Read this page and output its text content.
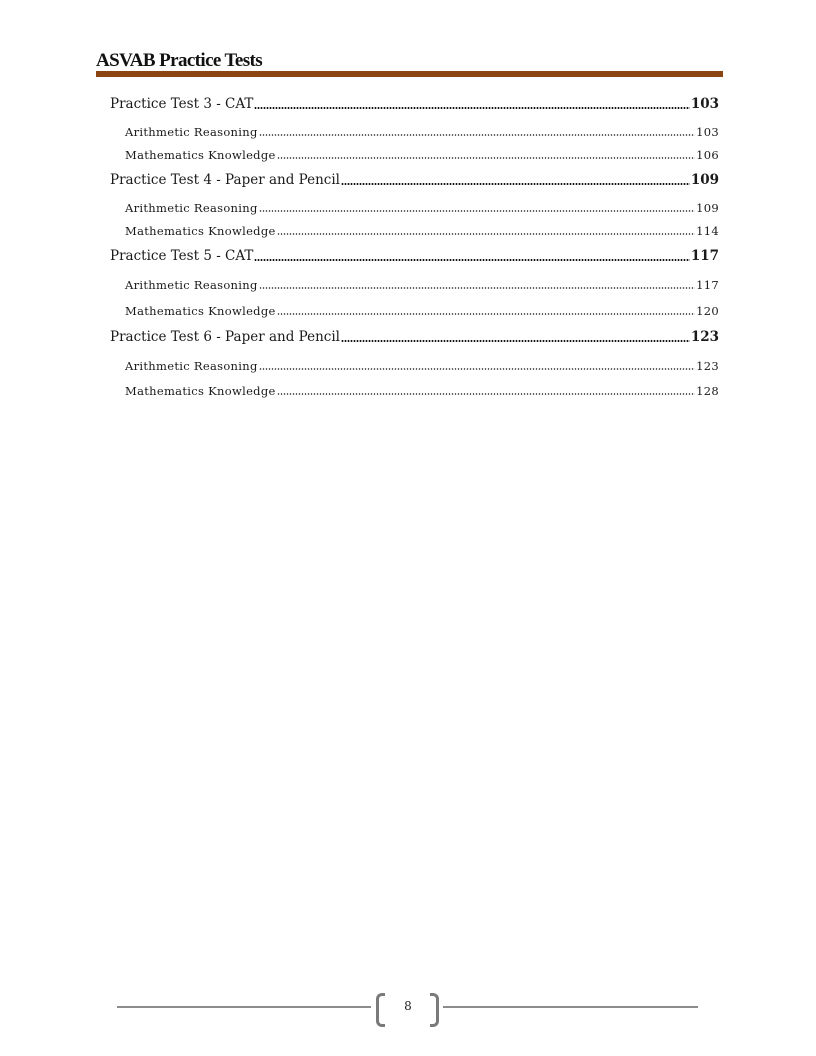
ASVAB Practice Tests
Practice Test 3 - CAT	103
Arithmetic Reasoning	103
Mathematics Knowledge	106
Practice Test 4 - Paper and Pencil	109
Arithmetic Reasoning	109
Mathematics Knowledge	114
Practice Test 5 - CAT	117
Arithmetic Reasoning	117
Mathematics Knowledge	120
Practice Test 6 - Paper and Pencil	123
Arithmetic Reasoning	123
Mathematics Knowledge	128
8
